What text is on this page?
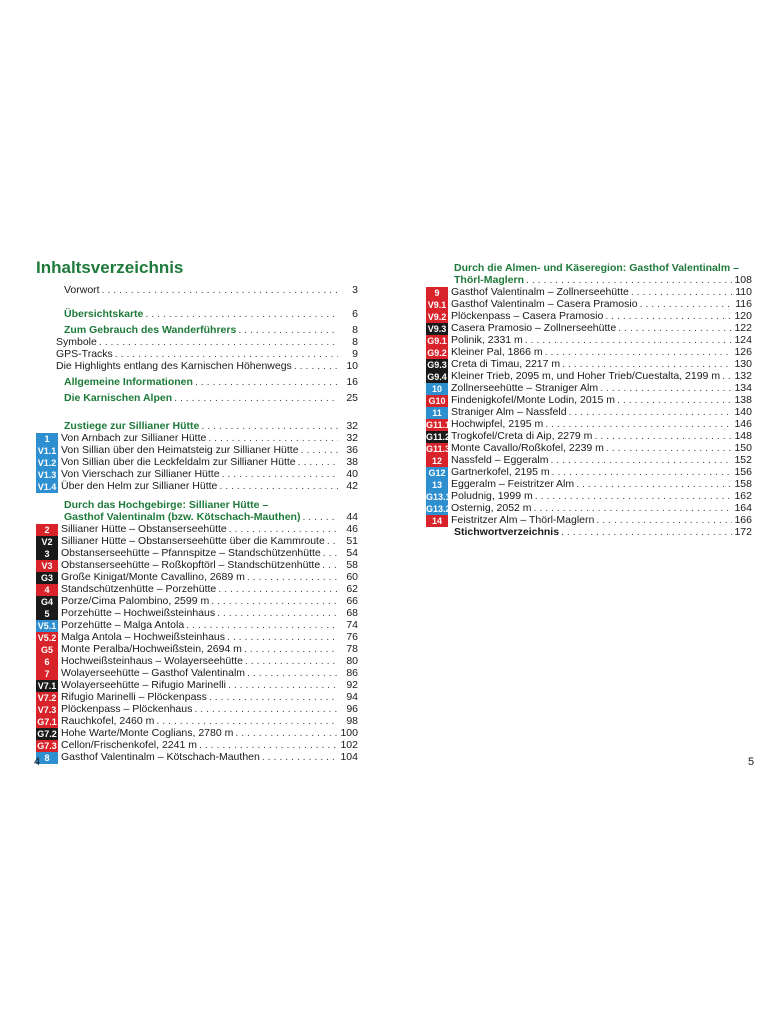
Inhaltsverzeichnis
Vorwort . . .	3
Übersichtskarte . . .	6
Zum Gebrauch des Wanderführers . . .	8
Symbole . . .	8
GPS-Tracks . . .	9
Die Highlights entlang des Karnischen Höhenwegs . . .	10
Allgemeine Informationen . . .	16
Die Karnischen Alpen . . .	25
Zustiege zur Sillianer Hütte . . .	32
1	Von Arnbach zur Sillianer Hütte . . .	32
V1.1 Von Sillian über den Heimatsteig zur Sillianer Hütte . . .	36
V1.2 Von Sillian über die Leckfeldalm zur Sillianer Hütte . . .	38
V1.3 Von Vierschach zur Sillianer Hütte . . .	40
V1.4 Über den Helm zur Sillianer Hütte . . .	42
Durch das Hochgebirge: Sillianer Hütte –
Gasthof Valentinalm (bzw. Kötschach-Mauthen) . . .	44
2	Sillianer Hütte – Obstanserseehütte . . .	46
V2 Sillianer Hütte – Obstanserseehütte über die Kammroute . . .	51
3	Obstanserseehütte – Pfannspitze – Standschützenhütte . . .	54
V3 Obstanserseehütte – Roßkopftörl – Standschützenhütte . . .	58
G3 Große Kinigat/Monte Cavallino, 2689 m . . .	60
4	Standschützenhütte – Porzehütte . . .	62
G4 Porze/Cima Palombino, 2599 m . . .	66
5	Porzehütte – Hochweißsteinhaus . . .	68
V5.1 Porzehütte – Malga Antola . . .	74
V5.2 Malga Antola – Hochweißsteinhaus . . .	76
G5 Monte Peralba/Hochweißstein, 2694 m . . .	78
6	Hochweißsteinhaus – Wolayerseehütte . . .	80
7	Wolayerseehütte – Gasthof Valentinalm . . .	86
V7.1 Wolayerseehütte – Rifugio Marinelli . . .	92
V7.2 Rifugio Marinelli – Plöckenpass . . .	94
V7.3 Plöckenpass – Plöckenhaus . . .	96
G7.1 Rauchkofel, 2460 m . . .	98
G7.2 Hohe Warte/Monte Coglians, 2780 m . . .	100
G7.3 Cellon/Frischenkofel, 2241 m . . .	102
8	Gasthof Valentinalm – Kötschach-Mauthen . . .	104
4
Durch die Almen- und Käseregion: Gasthof Valentinalm –
Thörl-Maglern . . .	108
9	Gasthof Valentinalm – Zollnerseehütte . . .	110
V9.1 Gasthof Valentinalm – Casera Pramosio . . .	116
V9.2 Plöckenpass – Casera Pramosio . . .	120
V9.3 Casera Pramosio – Zollnerseehütte . . .	122
G9.1 Polinik, 2331 m . . .	124
G9.2 Kleiner Pal, 1866 m . . .	126
G9.3 Creta di Timau, 2217 m . . .	130
G9.4 Kleiner Trieb, 2095 m, und Hoher Trieb/Cuestalta, 2199 m . . . 132
10 Zollnerseehütte – Straniger Alm . . .	134
G10 Findenigkofel/Monte Lodin, 2015 m . . .	138
11 Straniger Alm – Nassfeld . . .	140
G11.1 Hochwipfel, 2195 m . . .	146
G11.2 Trogkofel/Creta di Aip, 2279 m . . .	148
G11.3 Monte Cavallo/Roßkofel, 2239 m . . .	150
12 Nassfeld – Eggeralm . . .	152
G12 Gartnerkofel, 2195 m . . .	156
13 Eggeralm – Feistritzer Alm . . .	158
G13.1 Poludnig, 1999 m . . .	162
G13.2 Osternig, 2052 m . . .	164
14 Feistritzer Alm – Thörl-Maglern . . .	166
Stichwortverzeichnis . . .	172
5
